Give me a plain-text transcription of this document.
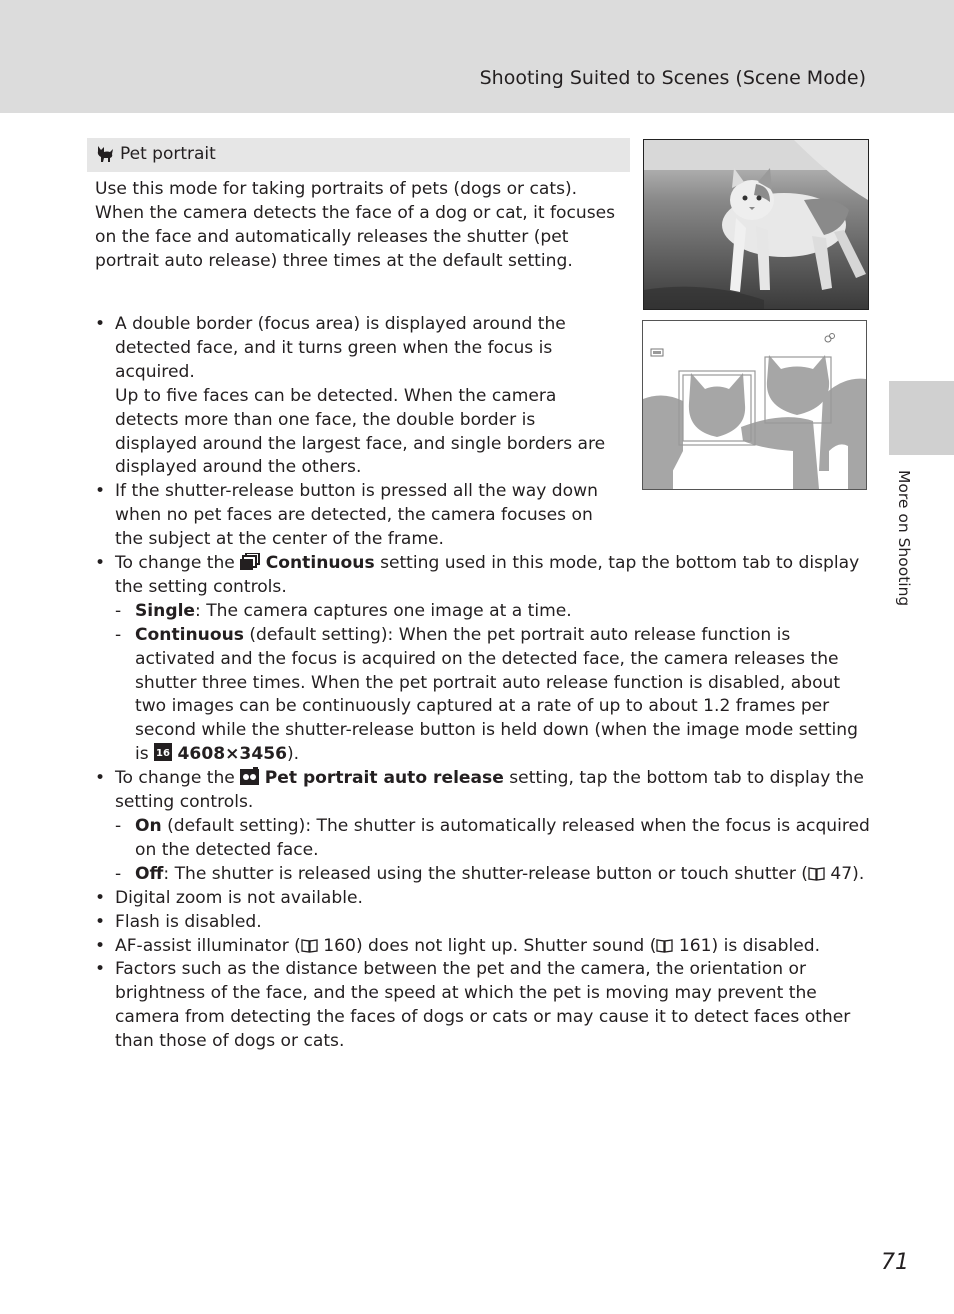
Shooting Suited to Scenes (Scene Mode)
More on Shooting
Pet portrait
Use this mode for taking portraits of pets (dogs or cats). When the camera detects the face of a dog or cat, it focuses on the face and automatically releases the shutter (pet portrait auto release) three times at the default setting.
• A double border (focus area) is displayed around the detected face, and it turns green when the focus is acquired.
Up to five faces can be detected. When the camera detects more than one face, the double border is displayed around the largest face, and single borders are displayed around the others.
• If the shutter-release button is pressed all the way down when no pet faces are detected, the camera focuses on the subject at the center of the frame.
• To change the Continuous setting used in this mode, tap the bottom tab to display the setting controls.
- Single: The camera captures one image at a time.
- Continuous (default setting): When the pet portrait auto release function is activated and the focus is acquired on the detected face, the camera releases the shutter three times. When the pet portrait auto release function is disabled, about two images can be continuously captured at a rate of up to about 1.2 frames per second while the shutter-release button is held down (when the image mode setting is 16 4608×3456).
• To change the Pet portrait auto release setting, tap the bottom tab to display the setting controls.
- On (default setting): The shutter is automatically released when the focus is acquired on the detected face.
- Off: The shutter is released using the shutter-release button or touch shutter ( 47).
• Digital zoom is not available.
• Flash is disabled.
• AF-assist illuminator ( 160) does not light up. Shutter sound ( 161) is disabled.
• Factors such as the distance between the pet and the camera, the orientation or brightness of the face, and the speed at which the pet is moving may prevent the camera from detecting the faces of dogs or cats or may cause it to detect faces other than those of dogs or cats.
71
